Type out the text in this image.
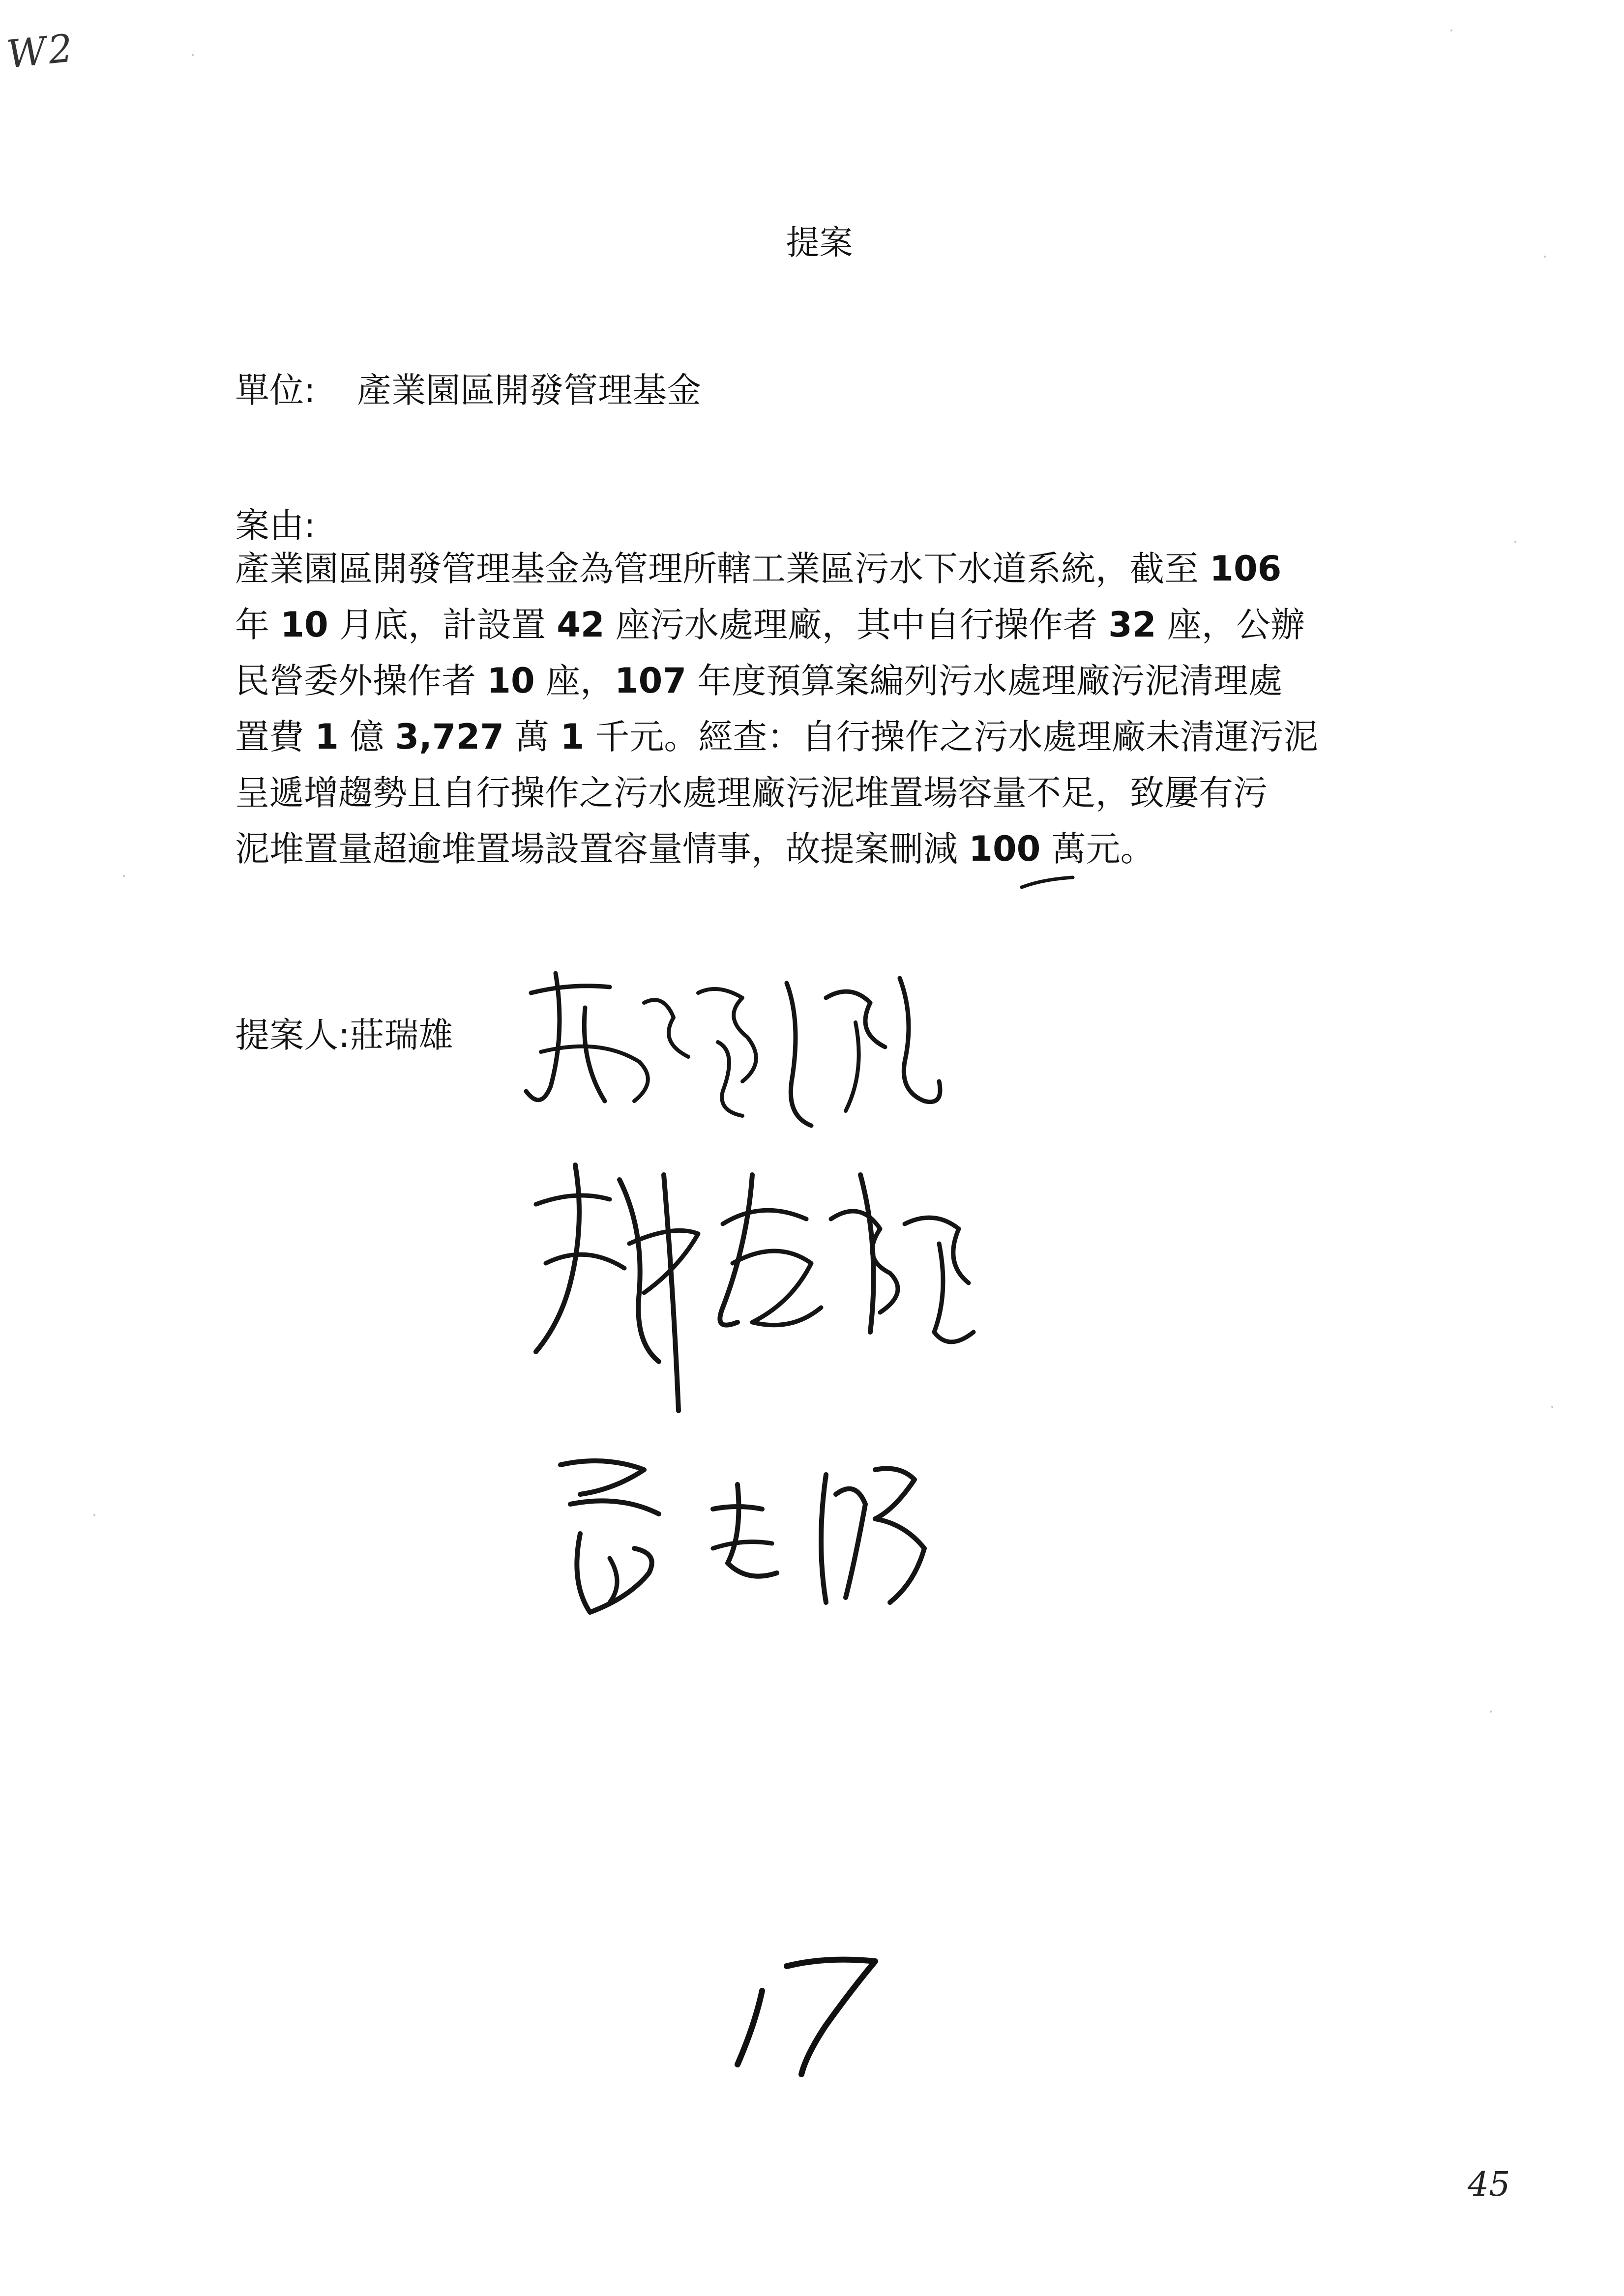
W2
提案
單位: 產業園區開發管理基金
案由:

產業園區開發管理基金為管理所轄工業區污水下水道系統，截至 106

年 10 月底，計設置 42 座污水處理廠，其中自行操作者 32 座，公辦

民營委外操作者 10 座，107 年度預算案編列污水處理廠污泥清理處

置費 1 億 3,727 萬 1 千元。經查：自行操作之污水處理廠未清運污泥

呈遞增趨勢且自行操作之污水處理廠污泥堆置場容量不足，致屢有污

泥堆置量超逾堆置場設置容量情事，故提案刪減 100 萬元。

提案人:莊瑞雄
45
